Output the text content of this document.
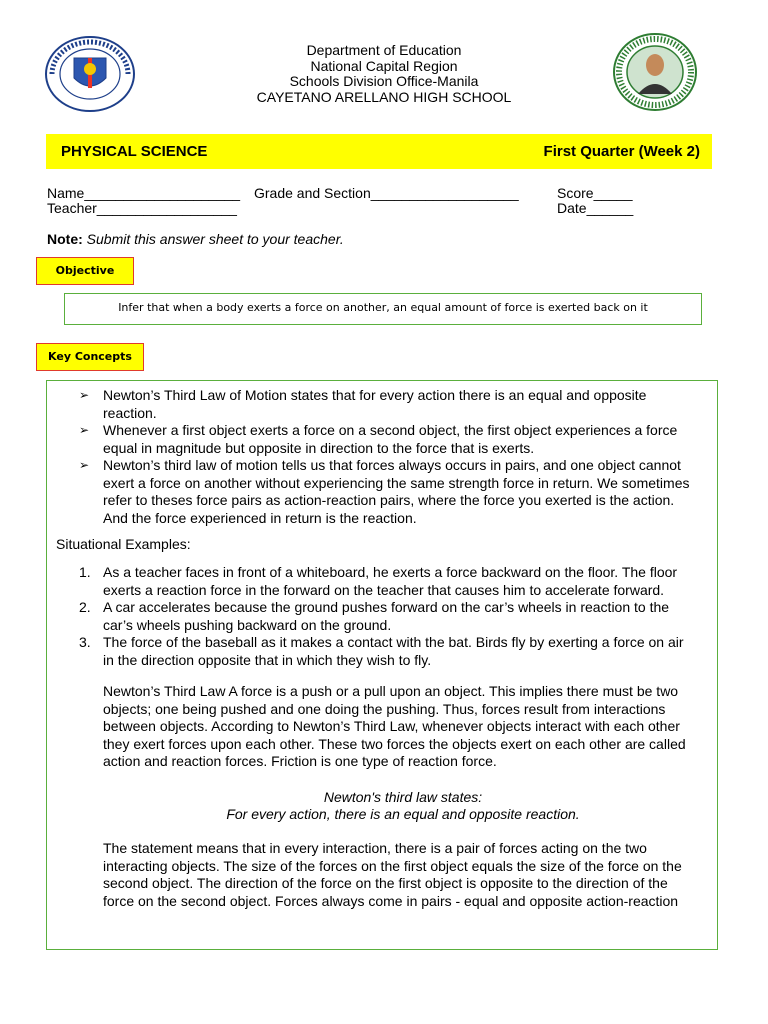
Department of Education
National Capital Region
Schools Division Office-Manila
CAYETANO ARELLANO HIGH SCHOOL
PHYSICAL SCIENCE	First Quarter (Week 2)
Name____________________ Grade and Section___________________	Score_____
Teacher__________________	Date______
Note: Submit this answer sheet to your teacher.
Objective
Infer that when a body exerts a force on another, an equal amount of force is exerted back on it
Key Concepts
➢ Newton’s Third Law of Motion states that for every action there is an equal and opposite
reaction.
➢ Whenever a first object exerts a force on a second object, the first object experiences a force
equal in magnitude but opposite in direction to the force that is exerts.
➢ Newton’s third law of motion tells us that forces always occurs in pairs, and one object cannot
exert a force on another without experiencing the same strength force in return. We sometimes
refer to theses force pairs as action-reaction pairs, where the force you exerted is the action.
And the force experienced in return is the reaction.
Situational Examples:
1. As a teacher faces in front of a whiteboard, he exerts a force backward on the floor. The floor
exerts a reaction force in the forward on the teacher that causes him to accelerate forward.
2. A car accelerates because the ground pushes forward on the car’s wheels in reaction to the
car’s wheels pushing backward on the ground.
3. The force of the baseball as it makes a contact with the bat. Birds fly by exerting a force on air
in the direction opposite that in which they wish to fly.
Newton’s Third Law A force is a push or a pull upon an object. This implies there must be two
objects; one being pushed and one doing the pushing. Thus, forces result from interactions
between objects. According to Newton’s Third Law, whenever objects interact with each other
they exert forces upon each other. These two forces the objects exert on each other are called
action and reaction forces. Friction is one type of reaction force.
Newton's third law states:
For every action, there is an equal and opposite reaction.
The statement means that in every interaction, there is a pair of forces acting on the two
interacting objects. The size of the forces on the first object equals the size of the force on the
second object. The direction of the force on the first object is opposite to the direction of the
force on the second object. Forces always come in pairs - equal and opposite action-reaction
